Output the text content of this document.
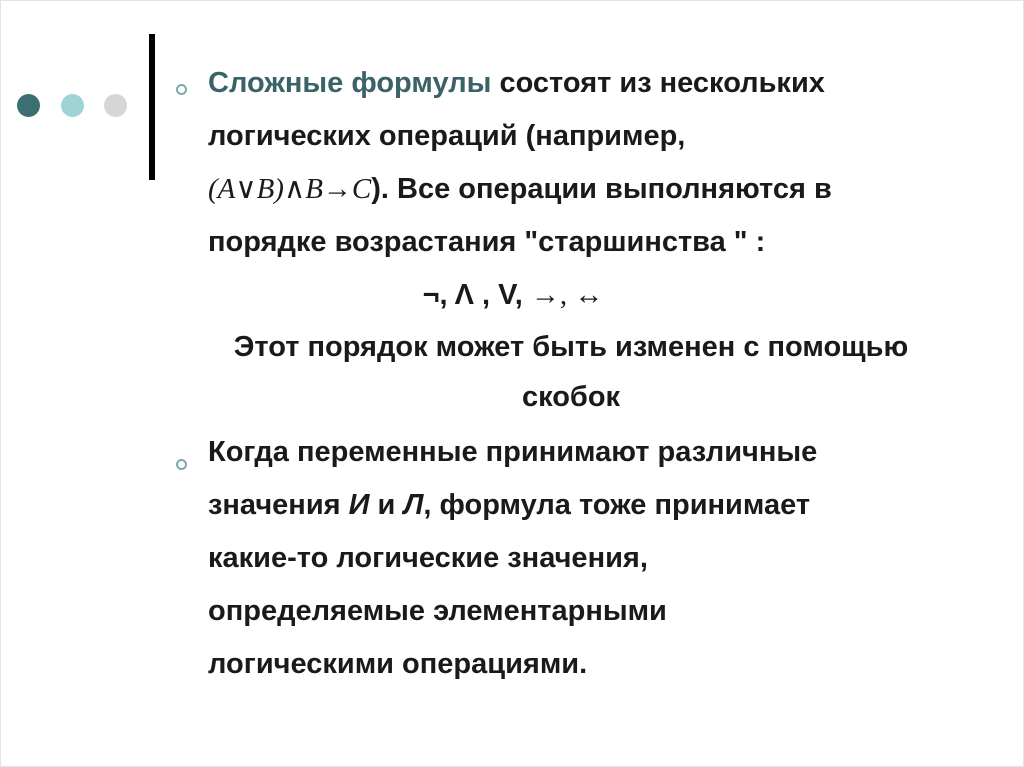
Сложные формулы состоят из нескольких
логических операций (например,
(A∨B)∧B→C). Все операции выполняются в
порядке возрастания "старшинства " :

¬, Λ , V, →, ↔

Этот порядок может быть изменен с помощью
скобок

Когда переменные принимают различные
значения И и Л, формула тоже принимает
какие-то логические значения,
определяемые элементарными
логическими операциями.
